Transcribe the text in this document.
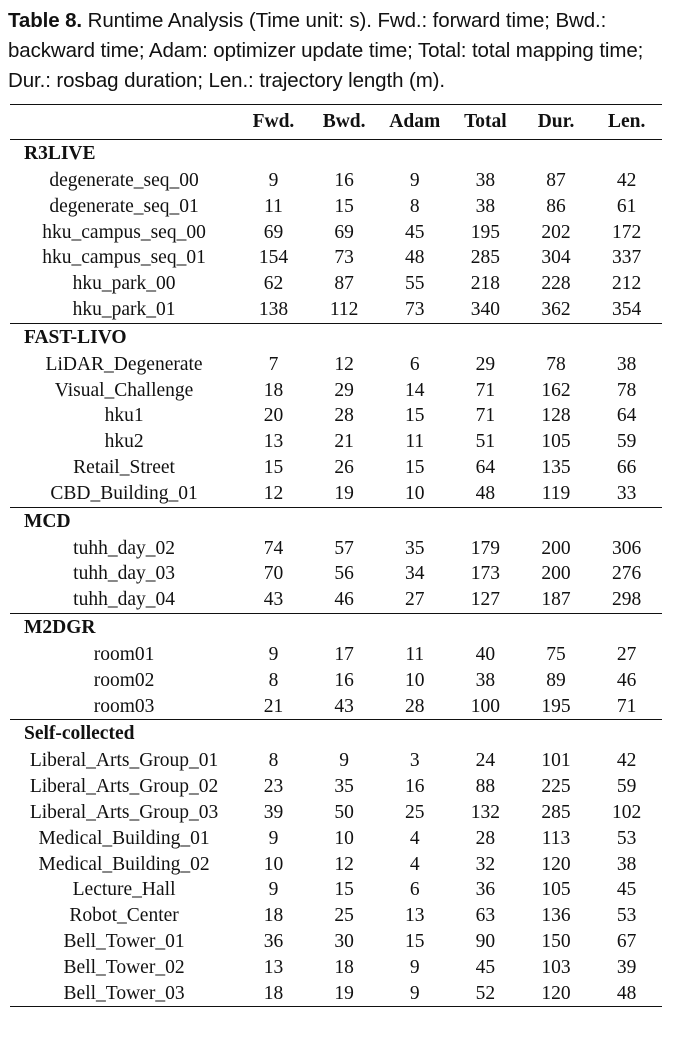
Table 8. Runtime Analysis (Time unit: s). Fwd.: forward time; Bwd.: backward time; Adam: optimizer update time; Total: total mapping time; Dur.: rosbag duration; Len.: trajectory length (m).
	Fwd.	Bwd.	Adam	Total	Dur.	Len.
R3LIVE						
degenerate_seq_00	9	16	9	38	87	42
degenerate_seq_01	11	15	8	38	86	61
hku_campus_seq_00	69	69	45	195	202	172
hku_campus_seq_01	154	73	48	285	304	337
hku_park_00	62	87	55	218	228	212
hku_park_01	138	112	73	340	362	354
FAST-LIVO						
LiDAR_Degenerate	7	12	6	29	78	38
Visual_Challenge	18	29	14	71	162	78
hku1	20	28	15	71	128	64
hku2	13	21	11	51	105	59
Retail_Street	15	26	15	64	135	66
CBD_Building_01	12	19	10	48	119	33
MCD						
tuhh_day_02	74	57	35	179	200	306
tuhh_day_03	70	56	34	173	200	276
tuhh_day_04	43	46	27	127	187	298
M2DGR						
room01	9	17	11	40	75	27
room02	8	16	10	38	89	46
room03	21	43	28	100	195	71
Self-collected						
Liberal_Arts_Group_01	8	9	3	24	101	42
Liberal_Arts_Group_02	23	35	16	88	225	59
Liberal_Arts_Group_03	39	50	25	132	285	102
Medical_Building_01	9	10	4	28	113	53
Medical_Building_02	10	12	4	32	120	38
Lecture_Hall	9	15	6	36	105	45
Robot_Center	18	25	13	63	136	53
Bell_Tower_01	36	30	15	90	150	67
Bell_Tower_02	13	18	9	45	103	39
Bell_Tower_03	18	19	9	52	120	48
